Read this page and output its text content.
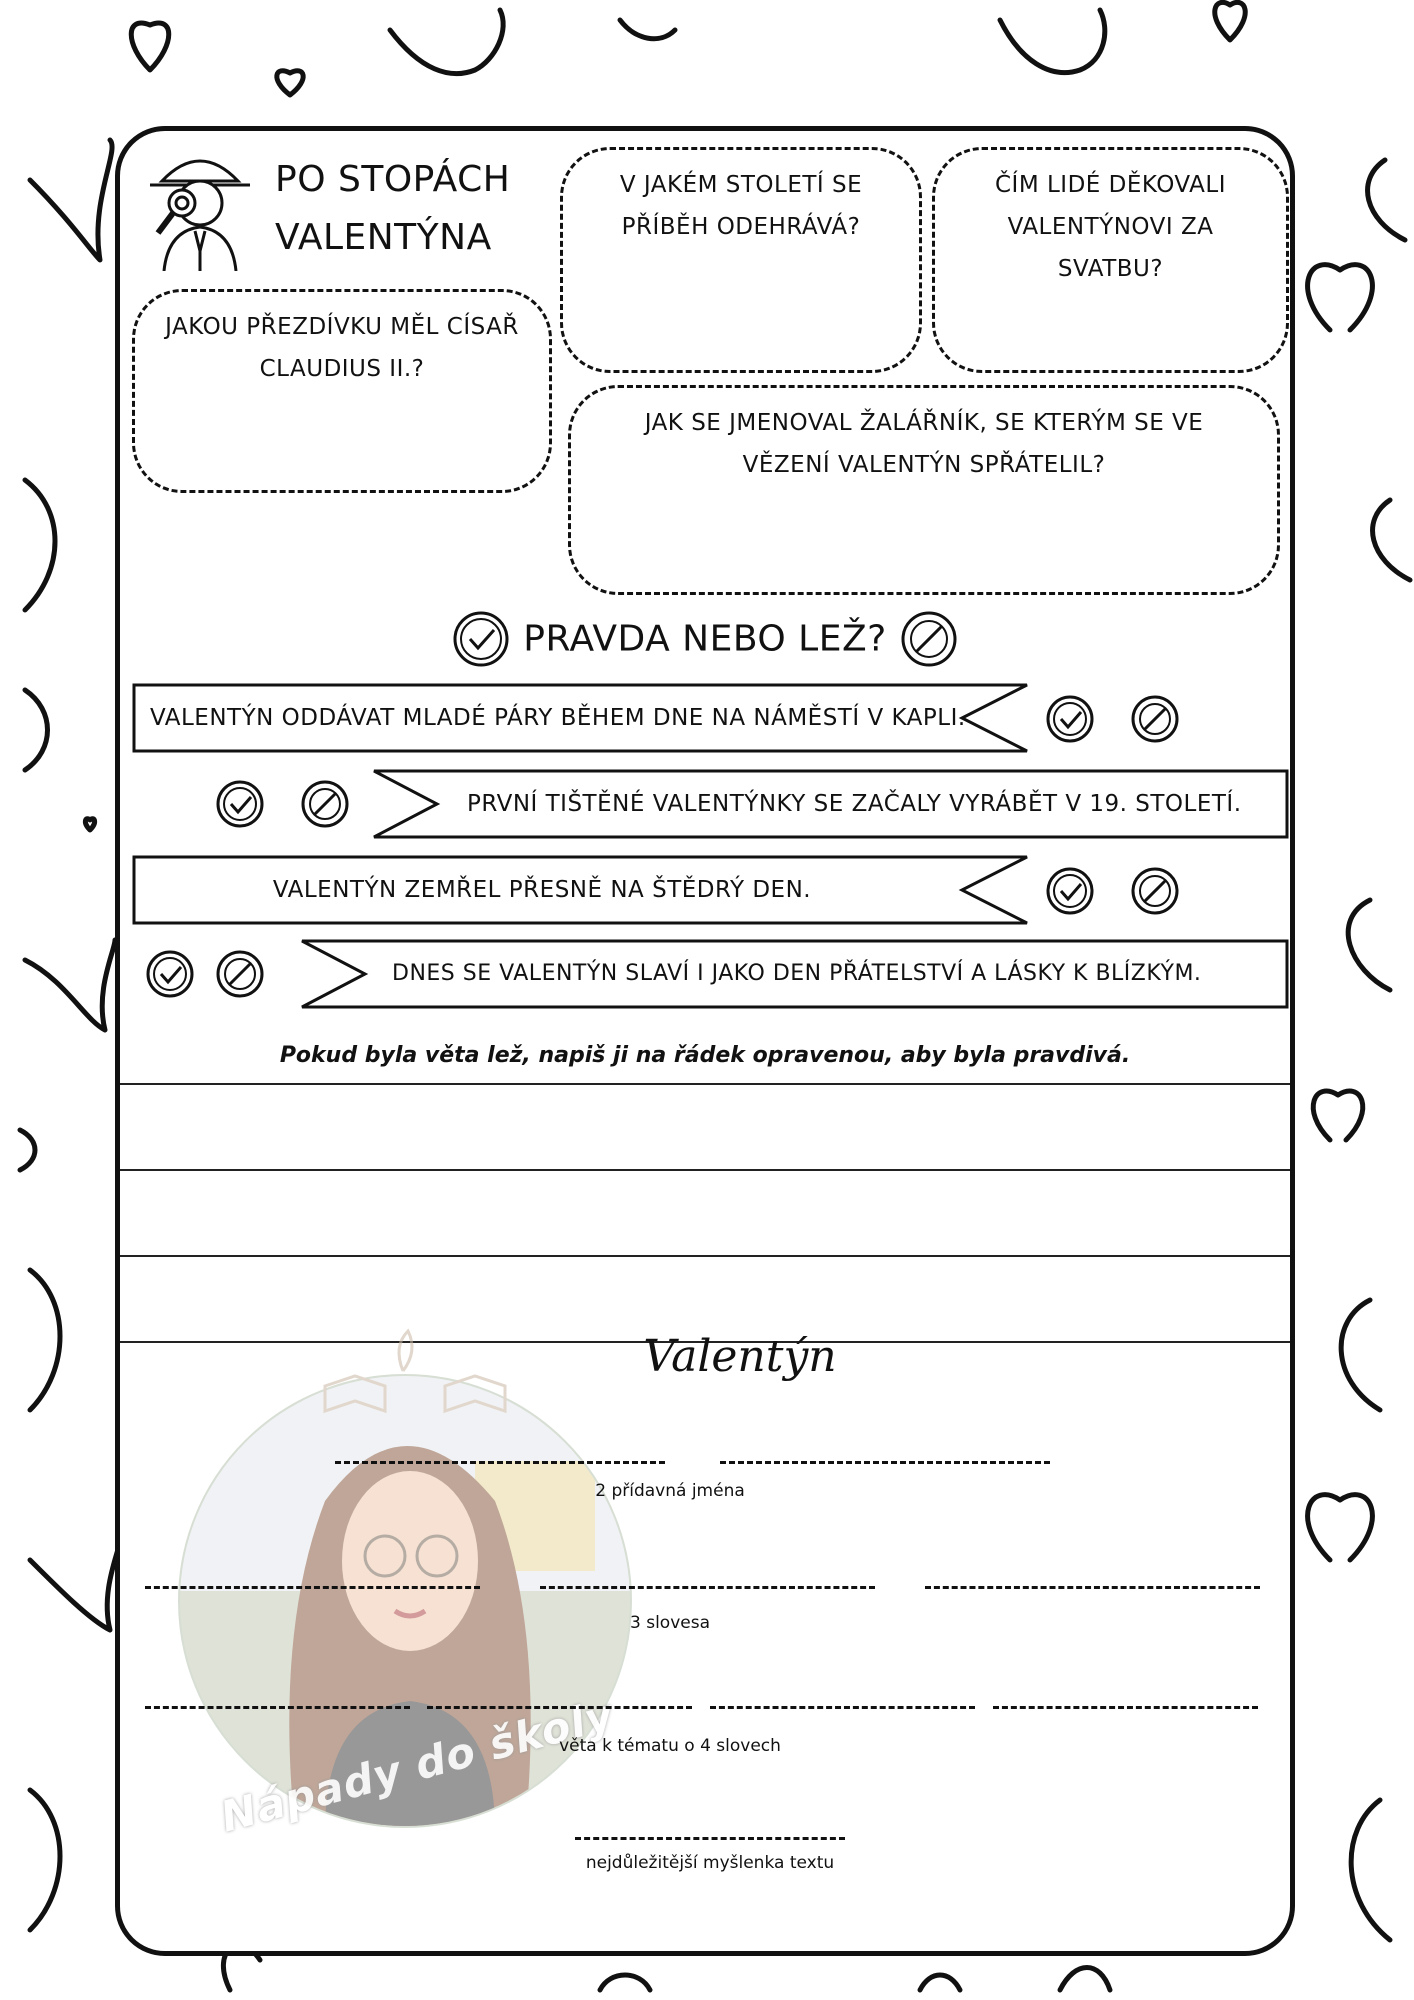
PO STOPÁCH
VALENTÝNA
JAKOU PŘEZDÍVKU MĚL CÍSAŘ CLAUDIUS II.?
V JAKÉM STOLETÍ SE PŘÍBĚH ODEHRÁVÁ?
ČÍM LIDÉ DĚKOVALI VALENTÝNOVI ZA SVATBU?
JAK SE JMENOVAL ŽALÁŘNÍK, SE KTERÝM SE VE VĚZENÍ VALENTÝN SPŘÁTELIL?
PRAVDA NEBO LEŽ?
VALENTÝN ODDÁVAT MLADÉ PÁRY BĚHEM DNE NA NÁMĚSTÍ V KAPLI.
PRVNÍ TIŠTĚNÉ VALENTÝNKY SE ZAČALY VYRÁBĚT V 19. STOLETÍ.
VALENTÝN ZEMŘEL PŘESNĚ NA ŠTĚDRÝ DEN.
DNES SE VALENTÝN SLAVÍ I JAKO DEN PŘÁTELSTVÍ A LÁSKY K BLÍZKÝM.
Pokud byla věta lež, napiš ji na řádek opravenou, aby byla pravdivá.
Nápady do školy
Valentýn
2 přídavná jména
3 slovesa
věta k tématu o 4 slovech
nejdůležitější myšlenka textu
